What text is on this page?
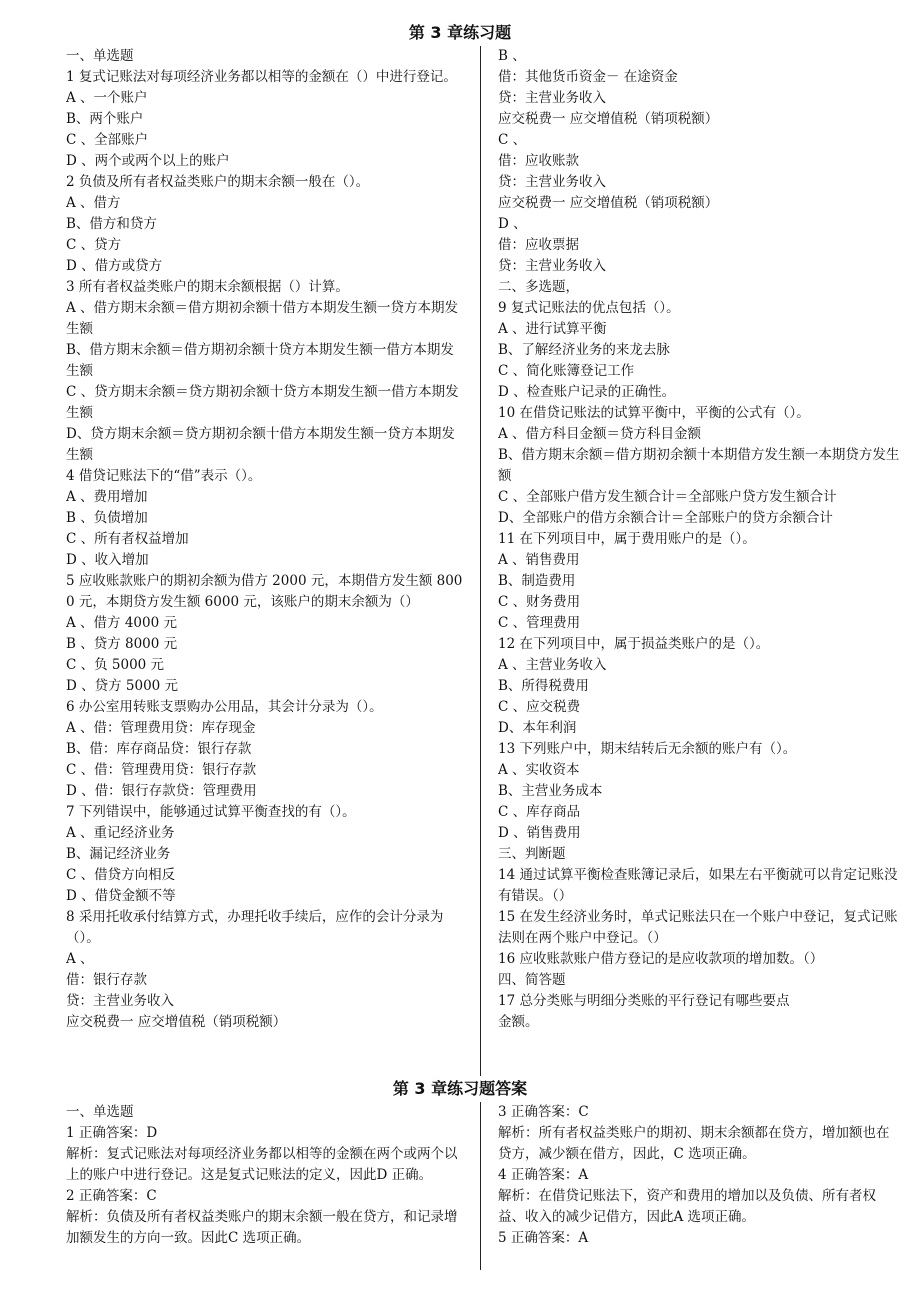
第 3 章练习题
一、单选题
1 复式记账法对每项经济业务都以相等的金额在（）中进行登记。
A 、一个账户
B、两个账户
C 、全部账户
D 、两个或两个以上的账户
2 负债及所有者权益类账户的期末余额一般在（）。
A 、借方
B、借方和贷方
C 、贷方
D 、借方或贷方
3 所有者权益类账户的期末余额根据（）计算。
A 、借方期末余额＝借方期初余额十借方本期发生额一贷方本期发生额
B、借方期末余额＝借方期初余额十贷方本期发生额一借方本期发生额
C 、贷方期末余额＝贷方期初余额十贷方本期发生额一借方本期发生额
D、贷方期末余额＝贷方期初余额十借方本期发生额一贷方本期发生额
4 借贷记账法下的“借”表示（）。
A 、费用增加
B 、负债增加
C 、所有者权益增加
D 、收入增加
5 应收账款账户的期初余额为借方 2000 元，本期借方发生额 8000 元，本期贷方发生额 6000 元，该账户的期末余额为（）
A 、借方 4000 元
B 、贷方 8000 元
C 、负 5000 元
D 、贷方 5000 元
6 办公室用转账支票购办公用品，其会计分录为（）。
A 、借：管理费用贷：库存现金
B、借：库存商品贷：银行存款
C 、借：管理费用贷：银行存款
D 、借：银行存款贷：管理费用
7 下列错误中，能够通过试算平衡查找的有（）。
A 、重记经济业务
B、漏记经济业务
C 、借贷方向相反
D 、借贷金额不等
8 采用托收承付结算方式，办理托收手续后，应作的会计分录为（）。
A 、
借：银行存款
贷：主营业务收入
应交税费一 应交增值税（销项税额）
B 、
借：其他货币资金－ 在途资金
贷：主营业务收入
应交税费一 应交增值税（销项税额）
C 、
借：应收账款
贷：主营业务收入
应交税费一 应交增值税（销项税额）
D 、
借：应收票据
贷：主营业务收入
二、多选题，
9 复式记账法的优点包括（）。
A 、进行试算平衡
B、了解经济业务的来龙去脉
C 、简化账簿登记工作
D 、检查账户记录的正确性。
10 在借贷记账法的试算平衡中，平衡的公式有（）。
A 、借方科目金额＝贷方科目金额
B、借方期末余额＝借方期初余额十本期借方发生额一本期贷方发生额
C 、全部账户借方发生额合计＝全部账户贷方发生额合计
D、全部账户的借方余额合计＝全部账户的贷方余额合计
11 在下列项目中，属于费用账户的是（）。
A 、销售费用
B、制造费用
C 、财务费用
C 、管理费用
12 在下列项目中，属于损益类账户的是（）。
A 、主营业务收入
B、所得税费用
C 、应交税费
D、本年利润
13 下列账户中，期末结转后无余额的账户有（）。
A 、实收资本
B、主营业务成本
C 、库存商品
D 、销售费用
三、判断题
14 通过试算平衡检查账簿记录后，如果左右平衡就可以肯定记账没有错误。（）
15 在发生经济业务时，单式记账法只在一个账户中登记，复式记账法则在两个账户中登记。（）
16 应收账款账户借方登记的是应收款项的增加数。（）
四、简答题
17 总分类账与明细分类账的平行登记有哪些要点
金额。
第 3 章练习题答案
一、单选题
1 正确答案：D
解析：复式记账法对每项经济业务都以相等的金额在两个或两个以上的账户中进行登记。这是复式记账法的定义，因此D 正确。
2 正确答案：C
解析：负债及所有者权益类账户的期末余额一般在贷方，和记录增加额发生的方向一致。因此C 选项正确。
3 正确答案：C
解析：所有者权益类账户的期初、期末余额都在贷方，增加额也在贷方，减少额在借方，因此，C 选项正确。
4 正确答案：A
解析：在借贷记账法下，资产和费用的增加以及负债、所有者权益、收入的减少记借方，因此A 选项正确。
5 正确答案：A
